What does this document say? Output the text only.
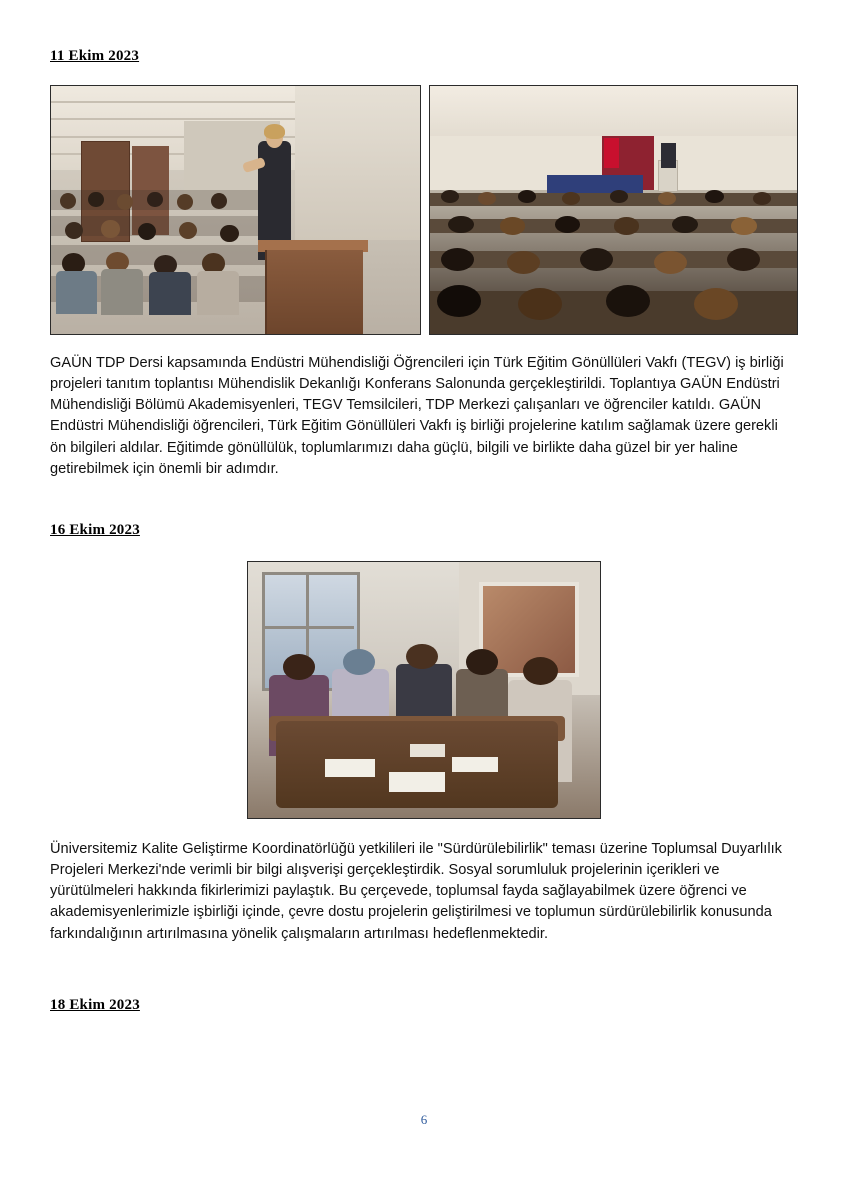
11 Ekim 2023

GAÜN TDP Dersi kapsamında Endüstri Mühendisliği Öğrencileri için Türk Eğitim Gönüllüleri Vakfı (TEGV) iş birliği projeleri tanıtım toplantısı Mühendislik Dekanlığı Konferans Salonunda gerçekleştirildi. Toplantıya GAÜN Endüstri Mühendisliği Bölümü Akademisyenleri, TEGV Temsilcileri, TDP Merkezi çalışanları ve öğrenciler katıldı. GAÜN Endüstri Mühendisliği öğrencileri, Türk Eğitim Gönüllüleri Vakfı iş birliği projelerine katılım sağlamak üzere gerekli ön bilgileri aldılar. Eğitimde gönüllülük, toplumlarımızı daha güçlü, bilgili ve birlikte daha güzel bir yer haline getirebilmek için önemli bir adımdır.

16 Ekim 2023

Üniversitemiz Kalite Geliştirme Koordinatörlüğü yetkilileri ile "Sürdürülebilirlik" teması üzerine Toplumsal Duyarlılık Projeleri Merkezi'nde verimli bir bilgi alışverişi gerçekleştirdik. Sosyal sorumluluk projelerinin içerikleri ve yürütülmeleri hakkında fikirlerimizi paylaştık. Bu çerçevede, toplumsal fayda sağlayabilmek üzere öğrenci ve akademisyenlerimizle işbirliği içinde, çevre dostu projelerin geliştirilmesi ve toplumun sürdürülebilirlik konusunda farkındalığının artırılmasına yönelik çalışmaların artırılması hedeflenmektedir.

18 Ekim 2023
6
